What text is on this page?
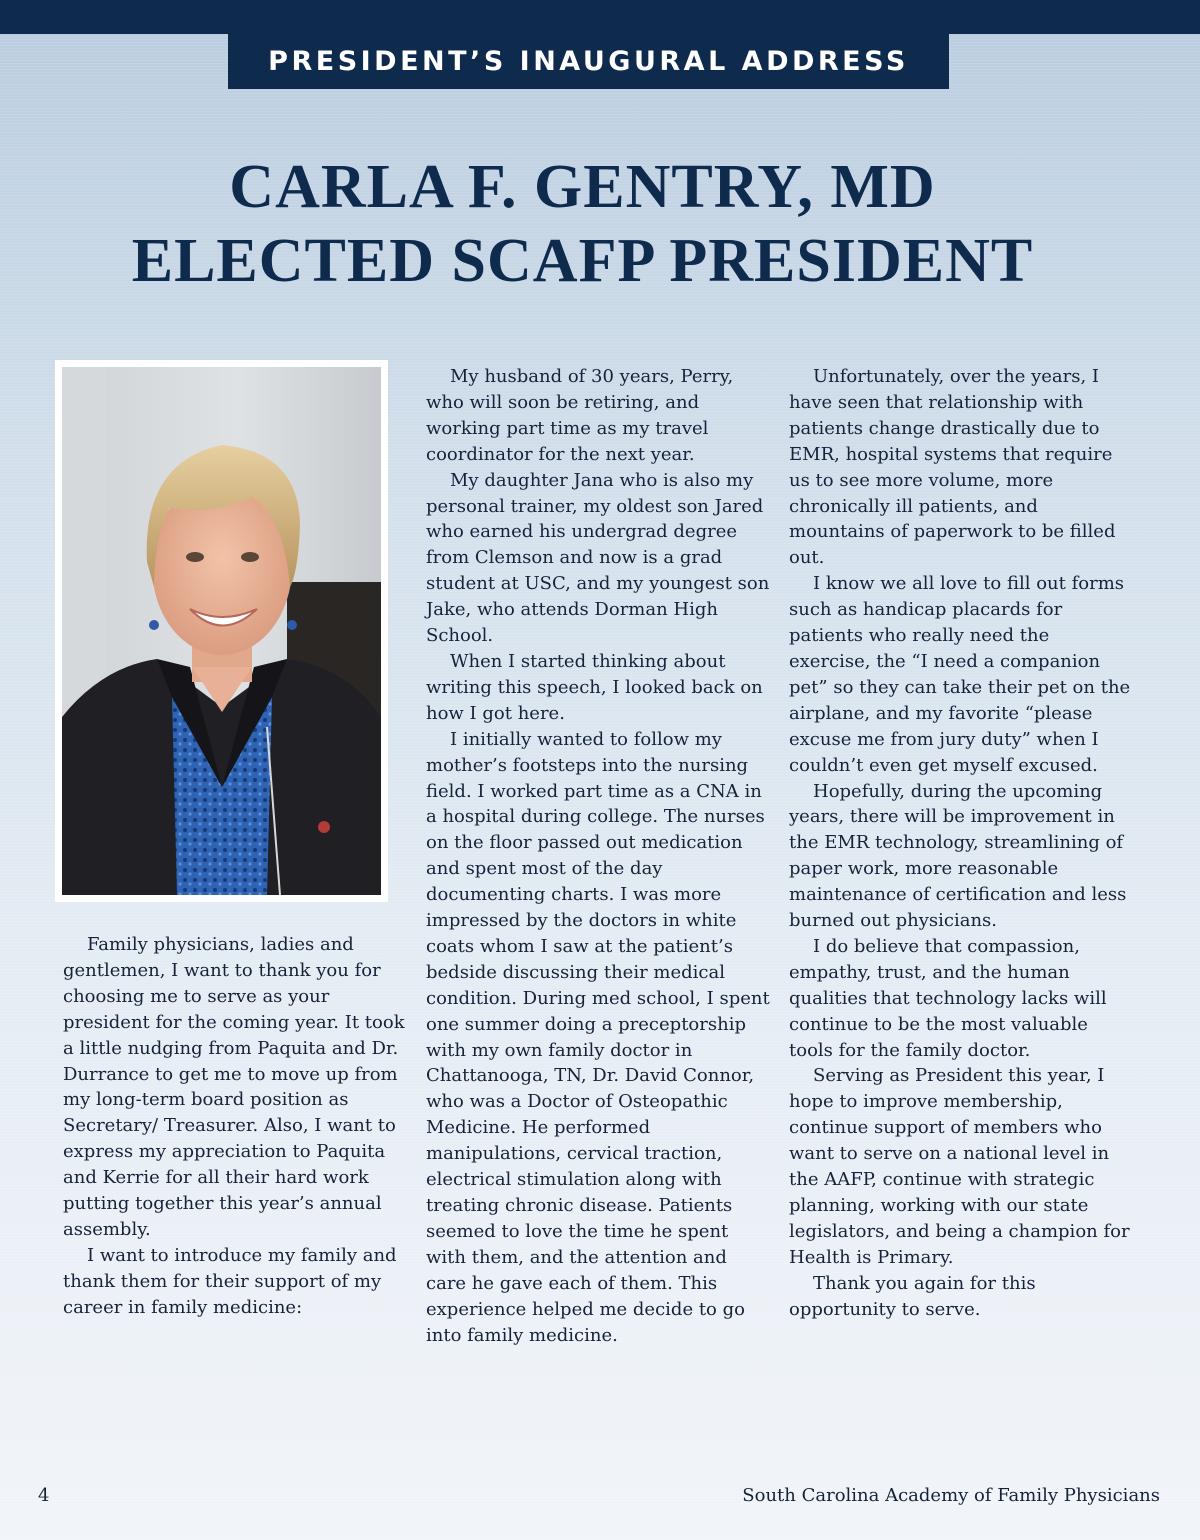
PRESIDENT’S INAUGURAL ADDRESS
CARLA F. GENTRY, MD
ELECTED SCAFP PRESIDENT

Family physicians, ladies and gentlemen, I want to thank you for choosing me to serve as your president for the coming year. It took a little nudging from Paquita and Dr. Durrance to get me to move up from my long-term board position as Secretary/ Treasurer. Also, I want to express my appreciation to Paquita and Kerrie for all their hard work putting together this year’s annual assembly.

I want to introduce my family and thank them for their support of my career in family medicine:

My husband of 30 years, Perry, who will soon be retiring, and working part time as my travel coordinator for the next year.

My daughter Jana who is also my personal trainer, my oldest son Jared who earned his undergrad degree from Clemson and now is a grad student at USC, and my youngest son Jake, who attends Dorman High School.

When I started thinking about writing this speech, I looked back on how I got here.

I initially wanted to follow my mother’s footsteps into the nursing field. I worked part time as a CNA in a hospital during college. The nurses on the floor passed out medication and spent most of the day documenting charts. I was more impressed by the doctors in white coats whom I saw at the patient’s bedside discussing their medical condition. During med school, I spent one summer doing a preceptorship with my own family doctor in Chattanooga, TN, Dr. David Connor, who was a Doctor of Osteopathic Medicine. He performed manipulations, cervical traction, electrical stimulation along with treating chronic disease. Patients seemed to love the time he spent with them, and the attention and care he gave each of them. This experience helped me decide to go into family medicine.

Unfortunately, over the years, I have seen that relationship with patients change drastically due to EMR, hospital systems that require us to see more volume, more chronically ill patients, and mountains of paperwork to be filled out.

I know we all love to fill out forms such as handicap placards for patients who really need the exercise, the “I need a companion pet” so they can take their pet on the airplane, and my favorite “please excuse me from jury duty” when I couldn’t even get myself excused.

Hopefully, during the upcoming years, there will be improvement in the EMR technology, streamlining of paper work, more reasonable maintenance of certification and less burned out physicians.

I do believe that compassion, empathy, trust, and the human qualities that technology lacks will continue to be the most valuable tools for the family doctor.

Serving as President this year, I hope to improve membership, continue support of members who want to serve on a national level in the AAFP, continue with strategic planning, working with our state legislators, and being a champion for Health is Primary.

Thank you again for this opportunity to serve.

4	South Carolina Academy of Family Physicians
